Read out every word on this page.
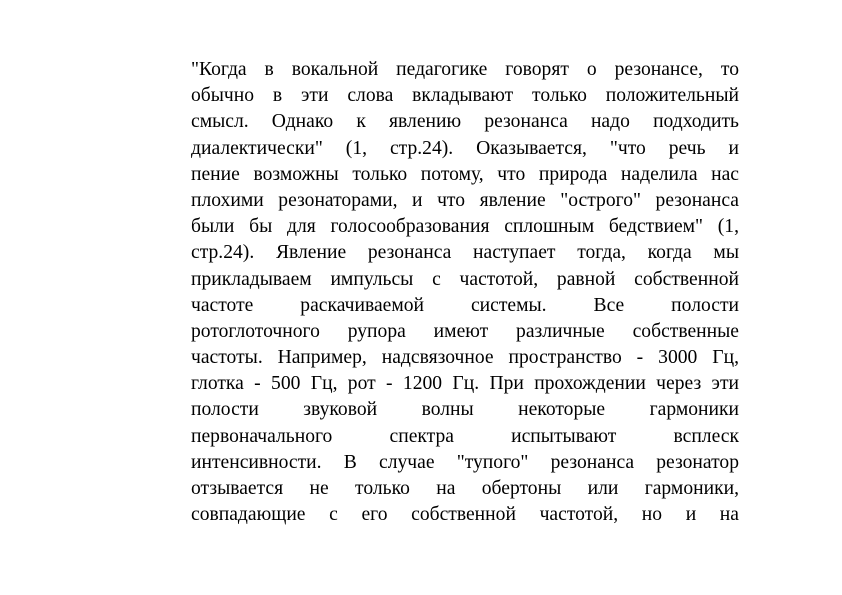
"Когда в вокальной педагогике говорят о резонансе, то
обычно в эти слова вкладывают только положительный
смысл. Однако к явлению резонанса надо подходить
диалектически" (1, стр.24). Оказывается, "что речь и
пение возможны только потому, что природа наделила нас
плохими резонаторами, и что явление "острого" резонанса
были бы для голосообразования сплошным бедствием" (1,
стр.24). Явление резонанса наступает тогда, когда мы
прикладываем импульсы с частотой, равной собственной
частоте раскачиваемой системы. Все полости
ротоглоточного рупора имеют различные собственные
частоты. Например, надсвязочное пространство - 3000 Гц,
глотка - 500 Гц, рот - 1200 Гц. При прохождении через эти
полости звуковой волны некоторые гармоники
первоначального спектра испытывают всплеск
интенсивности. В случае "тупого" резонанса резонатор
отзывается не только на обертоны или гармоники,
совпадающие с его собственной частотой, но и на
